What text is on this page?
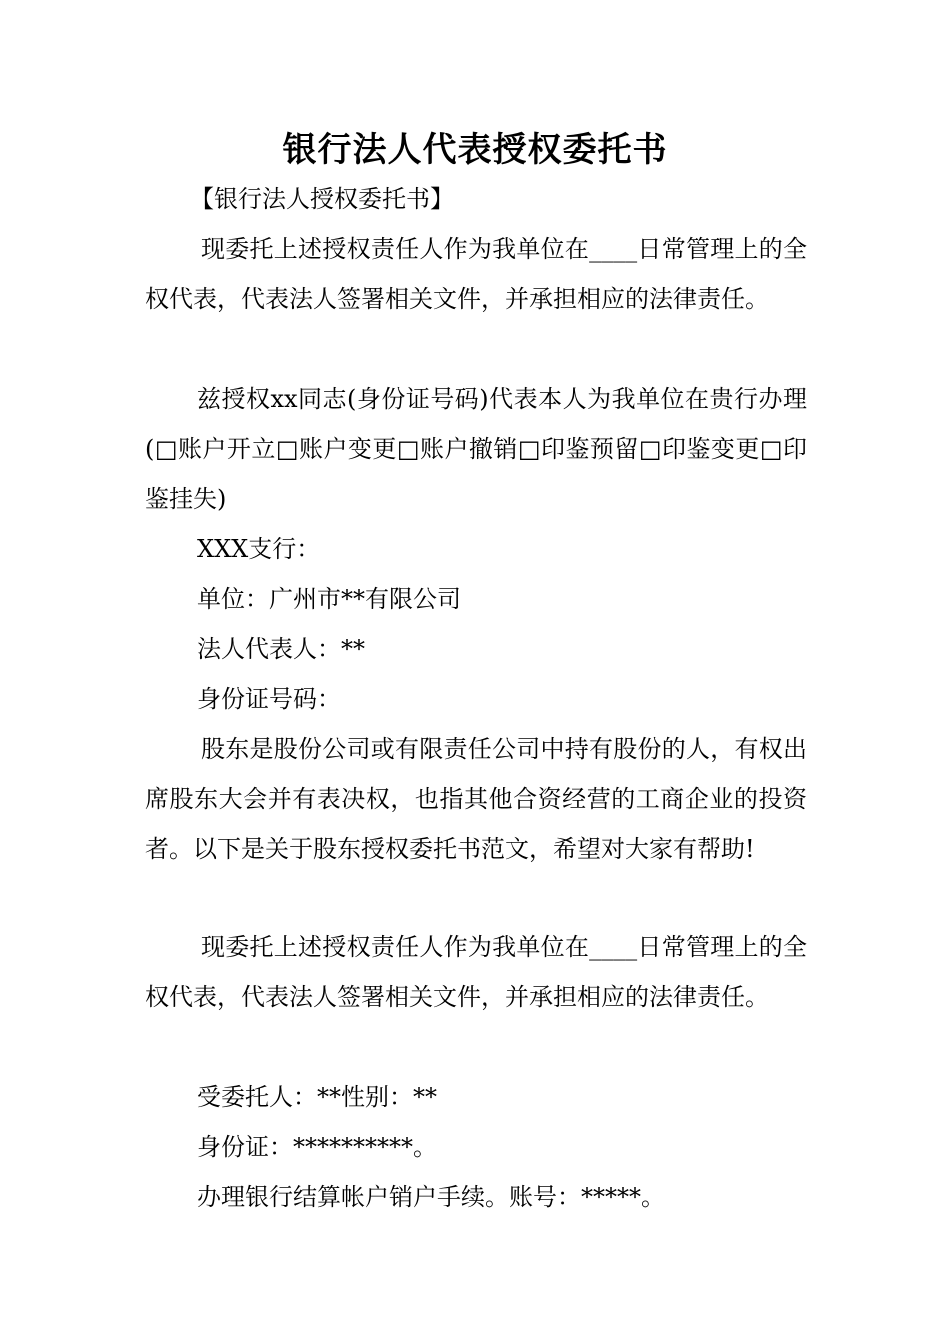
银行法人代表授权委托书

【银行法人授权委托书】

现委托上述授权责任人作为我单位在____日常管理上的全权代表，代表法人签署相关文件，并承担相应的法律责任。

兹授权xx同志(身份证号码)代表本人为我单位在贵行办理(□账户开立□账户变更□账户撤销□印鉴预留□印鉴变更□印鉴挂失)

XXX支行：

单位：广州市**有限公司

法人代表人：**

身份证号码：

股东是股份公司或有限责任公司中持有股份的人，有权出席股东大会并有表决权，也指其他合资经营的工商企业的投资者。以下是关于股东授权委托书范文，希望对大家有帮助!

现委托上述授权责任人作为我单位在____日常管理上的全权代表，代表法人签署相关文件，并承担相应的法律责任。

受委托人：**性别：**

身份证：**********。

办理银行结算帐户销户手续。账号：*****。
